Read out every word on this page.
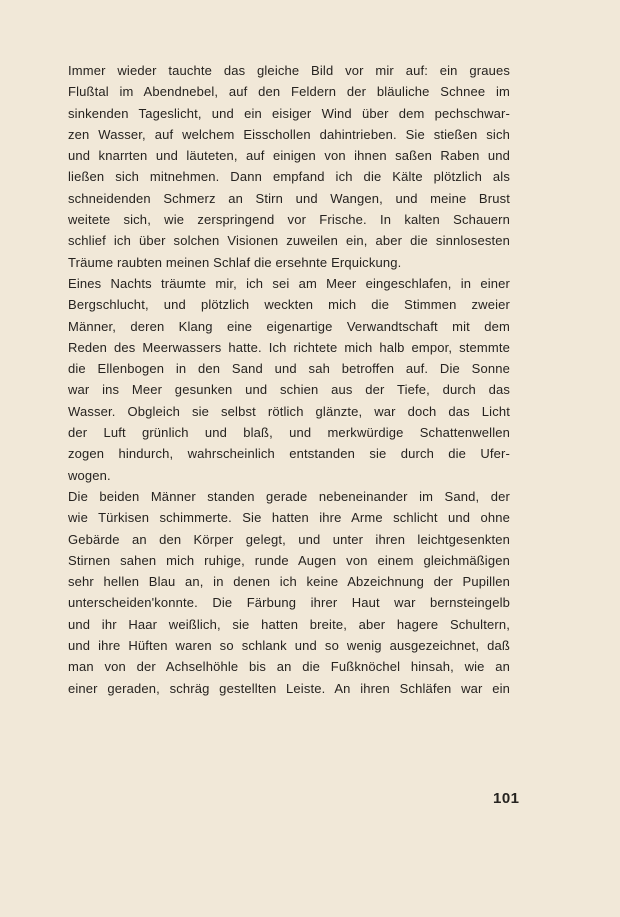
Immer wieder tauchte das gleiche Bild vor mir auf: ein graues
Flußtal im Abendnebel, auf den Feldern der bläuliche Schnee im
sinkenden Tageslicht, und ein eisiger Wind über dem pechschwar-
zen Wasser, auf welchem Eisschollen dahintrieben. Sie stießen sich
und knarrten und läuteten, auf einigen von ihnen saßen Raben und
ließen sich mitnehmen. Dann empfand ich die Kälte plötzlich als
schneidenden Schmerz an Stirn und Wangen, und meine Brust
weitete sich, wie zerspringend vor Frische. In kalten Schauern
schlief ich über solchen Visionen zuweilen ein, aber die sinnlosesten
Träume raubten meinen Schlaf die ersehnte Erquickung.
Eines Nachts träumte mir, ich sei am Meer eingeschlafen, in einer
Bergschlucht, und plötzlich weckten mich die Stimmen zweier
Männer, deren Klang eine eigenartige Verwandtschaft mit dem
Reden des Meerwassers hatte. Ich richtete mich halb empor, stemmte
die Ellenbogen in den Sand und sah betroffen auf. Die Sonne
war ins Meer gesunken und schien aus der Tiefe, durch das
Wasser. Obgleich sie selbst rötlich glänzte, war doch das Licht
der Luft grünlich und blaß, und merkwürdige Schattenwellen
zogen hindurch, wahrscheinlich entstanden sie durch die Ufer-
wogen.
Die beiden Männer standen gerade nebeneinander im Sand, der
wie Türkisen schimmerte. Sie hatten ihre Arme schlicht und ohne
Gebärde an den Körper gelegt, und unter ihren leichtgesenkten
Stirnen sahen mich ruhige, runde Augen von einem gleichmäßigen
sehr hellen Blau an, in denen ich keine Abzeichnung der Pupillen
unterscheiden'konnte. Die Färbung ihrer Haut war bernsteingelb
und ihr Haar weißlich, sie hatten breite, aber hagere Schultern,
und ihre Hüften waren so schlank und so wenig ausgezeichnet, daß
man von der Achselhöhle bis an die Fußknöchel hinsah, wie an
einer geraden, schräg gestellten Leiste. An ihren Schläfen war ein
101
